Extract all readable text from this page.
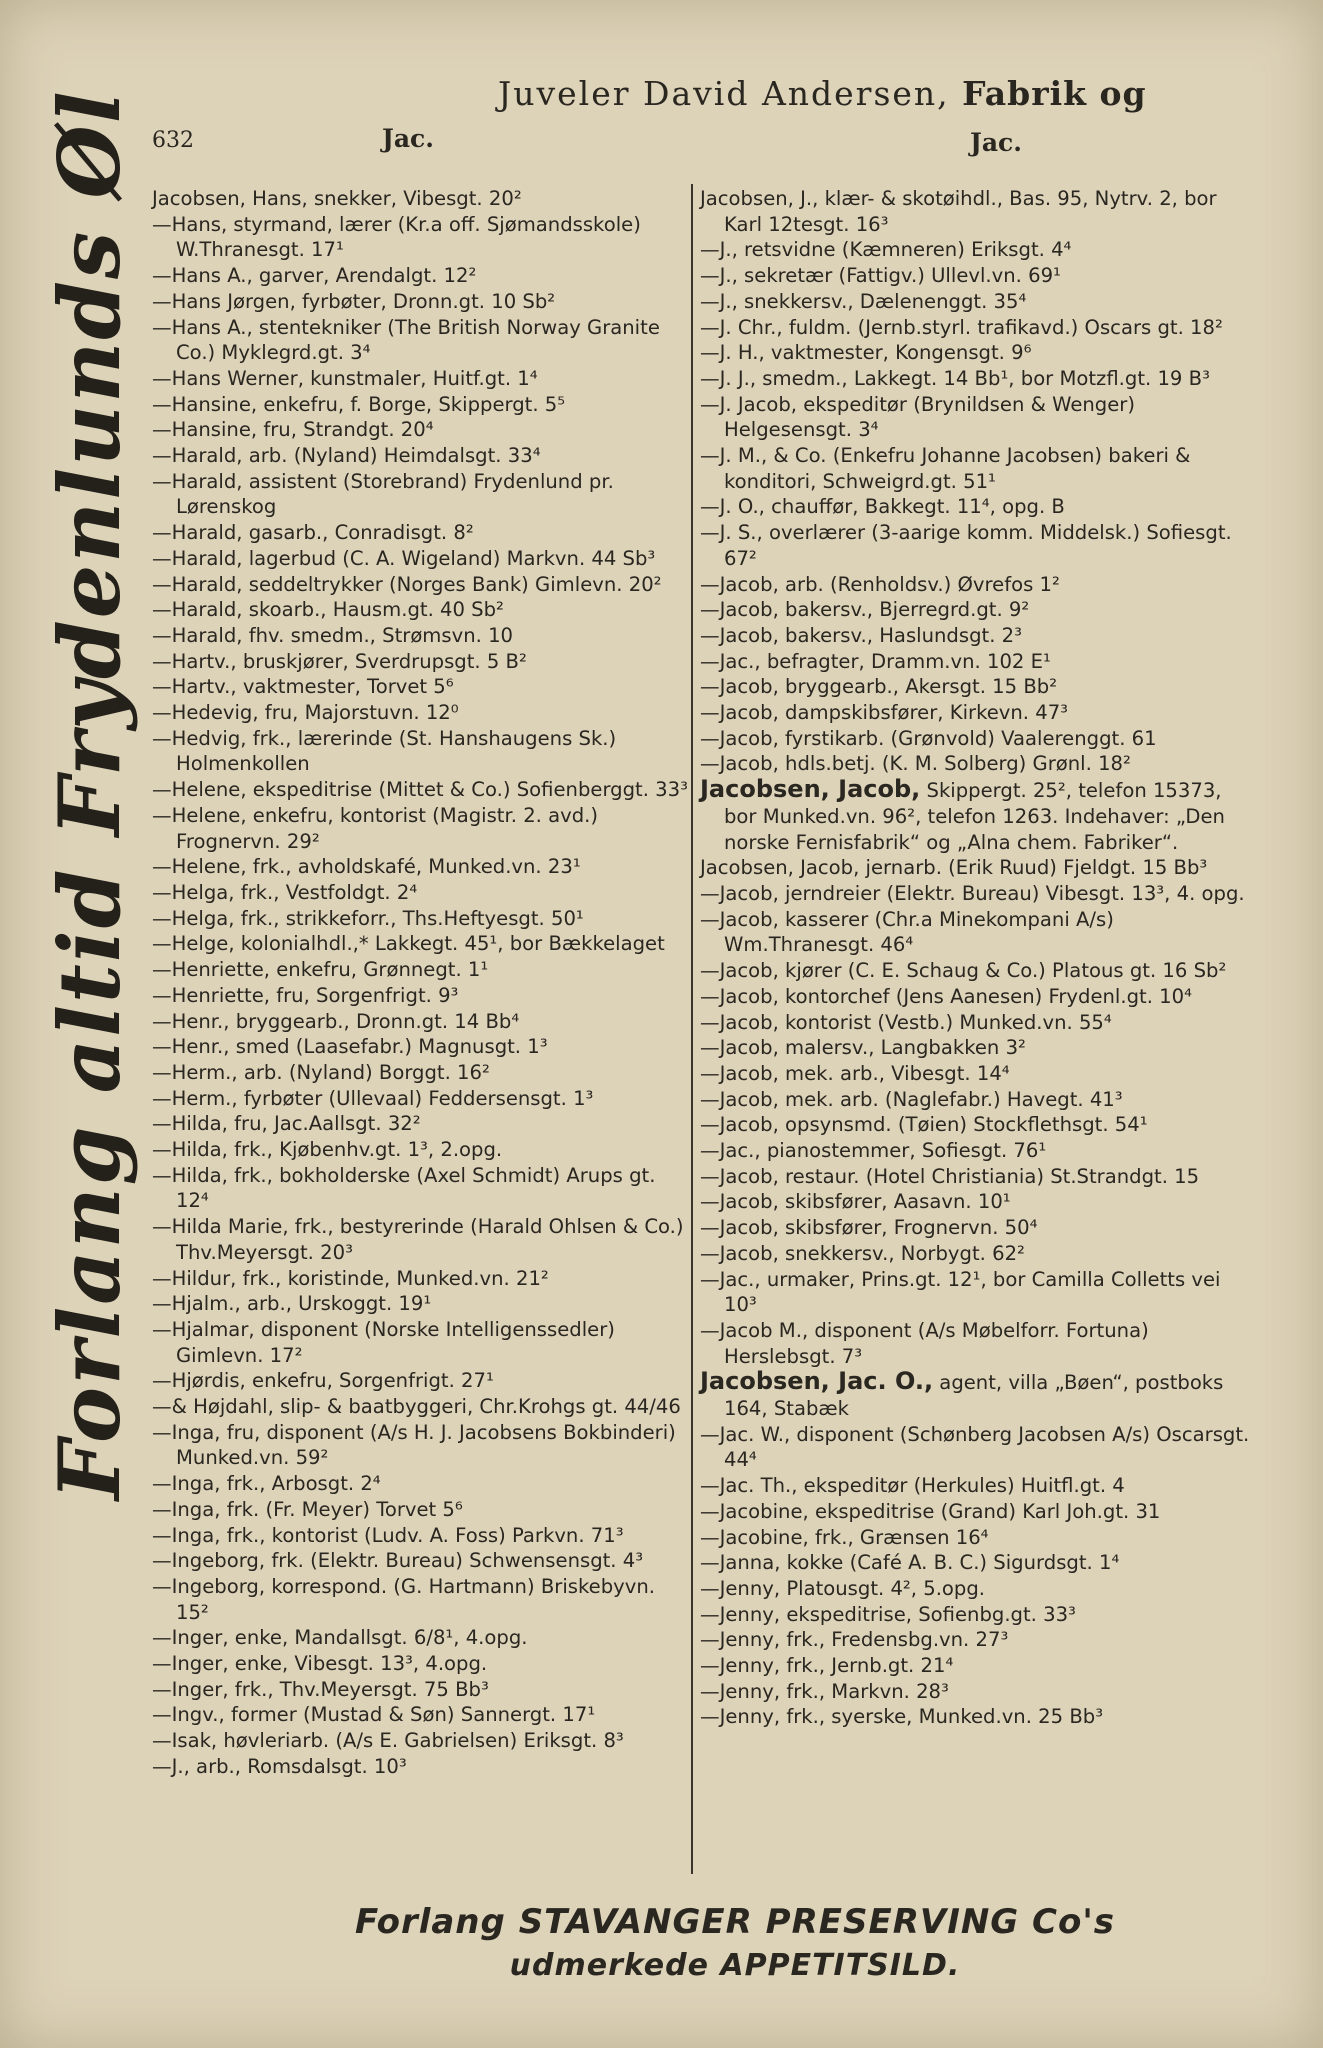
Juveler David Andersen, Fabrik og
632	Jac.	Jac.
Forlang altid Frydenlunds Øl Jacobsen, Hans, snekker, Vibesgt. 20²
—Hans, styrmand, lærer (Kr.a off. Sjømandsskole) W.Thranesgt. 17¹
—Hans A., garver, Arendalgt. 12²
—Hans Jørgen, fyrbøter, Dronn.gt. 10 Sb²
—Hans A., stentekniker (The British Norway Granite Co.) Myklegrd.gt. 3⁴
—Hans Werner, kunstmaler, Huitf.gt. 1⁴
—Hansine, enkefru, f. Borge, Skippergt. 5⁵
—Hansine, fru, Strandgt. 20⁴
—Harald, arb. (Nyland) Heimdalsgt. 33⁴
—Harald, assistent (Storebrand) Frydenlund pr. Lørenskog
—Harald, gasarb., Conradisgt. 8²
—Harald, lagerbud (C. A. Wigeland) Markvn. 44 Sb³
—Harald, seddeltrykker (Norges Bank) Gimlevn. 20²
—Harald, skoarb., Hausm.gt. 40 Sb²
—Harald, fhv. smedm., Strømsvn. 10
—Hartv., bruskjører, Sverdrupsgt. 5 B²
—Hartv., vaktmester, Torvet 5⁶
—Hedevig, fru, Majorstuvn. 12⁰
—Hedvig, frk., lærerinde (St. Hanshaugens Sk.) Holmenkollen
—Helene, ekspeditrise (Mittet & Co.) Sofienberggt. 33³
—Helene, enkefru, kontorist (Magistr. 2. avd.) Frognervn. 29²
—Helene, frk., avholdskafé, Munked.vn. 23¹
—Helga, frk., Vestfoldgt. 2⁴
—Helga, frk., strikkeforr., Ths.Heftyesgt. 50¹
—Helge, kolonialhdl.,* Lakkegt. 45¹, bor Bækkelaget
—Henriette, enkefru, Grønnegt. 1¹
—Henriette, fru, Sorgenfrigt. 9³
—Henr., bryggearb., Dronn.gt. 14 Bb⁴
—Henr., smed (Laasefabr.) Magnusgt. 1³
—Herm., arb. (Nyland) Borggt. 16²
—Herm., fyrbøter (Ullevaal) Feddersensgt. 1³
—Hilda, fru, Jac.Aallsgt. 32²
—Hilda, frk., Kjøbenhv.gt. 1³, 2.opg.
—Hilda, frk., bokholderske (Axel Schmidt) Arups gt. 12⁴
—Hilda Marie, frk., bestyrerinde (Harald Ohlsen & Co.) Thv.Meyersgt. 20³
—Hildur, frk., koristinde, Munked.vn. 21²
—Hjalm., arb., Urskoggt. 19¹
—Hjalmar, disponent (Norske Intelligenssedler) Gimlevn. 17²
—Hjørdis, enkefru, Sorgenfrigt. 27¹
—& Højdahl, slip- & baatbyggeri, Chr.Krohgs gt. 44/46
—Inga, fru, disponent (A/s H. J. Jacobsens Bokbinderi) Munked.vn. 59²
—Inga, frk., Arbosgt. 2⁴
—Inga, frk. (Fr. Meyer) Torvet 5⁶
—Inga, frk., kontorist (Ludv. A. Foss) Parkvn. 71³
—Ingeborg, frk. (Elektr. Bureau) Schwensensgt. 4³
—Ingeborg, korrespond. (G. Hartmann) Briskebyvn. 15²
—Inger, enke, Mandallsgt. 6/8¹, 4.opg.
—Inger, enke, Vibesgt. 13³, 4.opg.
—Inger, frk., Thv.Meyersgt. 75 Bb³
—Ingv., former (Mustad & Søn) Sannergt. 17¹
—Isak, høvleriarb. (A/s E. Gabrielsen) Eriksgt. 8³
—J., arb., Romsdalsgt. 10³
Jacobsen, J., klær- & skotøihdl., Bas. 95, Nytrv. 2, bor Karl 12tesgt. 16³
—J., retsvidne (Kæmneren) Eriksgt. 4⁴
—J., sekretær (Fattigv.) Ullevl.vn. 69¹
—J., snekkersv., Dælenenggt. 35⁴
—J. Chr., fuldm. (Jernb.styrl. trafikavd.) Oscars gt. 18²
—J. H., vaktmester, Kongensgt. 9⁶
—J. J., smedm., Lakkegt. 14 Bb¹, bor Motzfl.gt. 19 B³
—J. Jacob, ekspeditør (Brynildsen & Wenger) Helgesensgt. 3⁴
—J. M., & Co. (Enkefru Johanne Jacobsen) bakeri & konditori, Schweigrd.gt. 51¹
—J. O., chauffør, Bakkegt. 11⁴, opg. B
—J. S., overlærer (3-aarige komm. Middelsk.) Sofiesgt. 67²
—Jacob, arb. (Renholdsv.) Øvrefos 1²
—Jacob, bakersv., Bjerregrd.gt. 9²
—Jacob, bakersv., Haslundsgt. 2³
—Jac., befragter, Dramm.vn. 102 E¹
—Jacob, bryggearb., Akersgt. 15 Bb²
—Jacob, dampskibsfører, Kirkevn. 47³
—Jacob, fyrstikarb. (Grønvold) Vaalerenggt. 61
—Jacob, hdls.betj. (K. M. Solberg) Grønl. 18²
Jacobsen, Jacob, Skippergt. 25², telefon 15373, bor Munked.vn. 96², telefon 1263. Indehaver: „Den norske Fernisfabrik“ og „Alna chem. Fabriker“.
Jacobsen, Jacob, jernarb. (Erik Ruud) Fjeldgt. 15 Bb³
—Jacob, jerndreier (Elektr. Bureau) Vibesgt. 13³, 4. opg.
—Jacob, kasserer (Chr.a Minekompani A/s) Wm.Thranesgt. 46⁴
—Jacob, kjører (C. E. Schaug & Co.) Platous gt. 16 Sb²
—Jacob, kontorchef (Jens Aanesen) Frydenl.gt. 10⁴
—Jacob, kontorist (Vestb.) Munked.vn. 55⁴
—Jacob, malersv., Langbakken 3²
—Jacob, mek. arb., Vibesgt. 14⁴
—Jacob, mek. arb. (Naglefabr.) Havegt. 41³
—Jacob, opsynsmd. (Tøien) Stockflethsgt. 54¹
—Jac., pianostemmer, Sofiesgt. 76¹
—Jacob, restaur. (Hotel Christiania) St.Strandgt. 15
—Jacob, skibsfører, Aasavn. 10¹
—Jacob, skibsfører, Frognervn. 50⁴
—Jacob, snekkersv., Norbygt. 62²
—Jac., urmaker, Prins.gt. 12¹, bor Camilla Colletts vei 10³
—Jacob M., disponent (A/s Møbelforr. Fortuna) Herslebsgt. 7³
Jacobsen, Jac. O., agent, villa „Bøen“, postboks 164, Stabæk
—Jac. W., disponent (Schønberg Jacobsen A/s) Oscarsgt. 44⁴
—Jac. Th., ekspeditør (Herkules) Huitfl.gt. 4
—Jacobine, ekspeditrise (Grand) Karl Joh.gt. 31
—Jacobine, frk., Grænsen 16⁴
—Janna, kokke (Café A. B. C.) Sigurdsgt. 1⁴
—Jenny, Platousgt. 4², 5.opg.
—Jenny, ekspeditrise, Sofienbg.gt. 33³
—Jenny, frk., Fredensbg.vn. 27³
—Jenny, frk., Jernb.gt. 21⁴
—Jenny, frk., Markvn. 28³
—Jenny, frk., syerske, Munked.vn. 25 Bb³
Forlang STAVANGER PRESERVING Co's
udmerkede APPETITSILD.
